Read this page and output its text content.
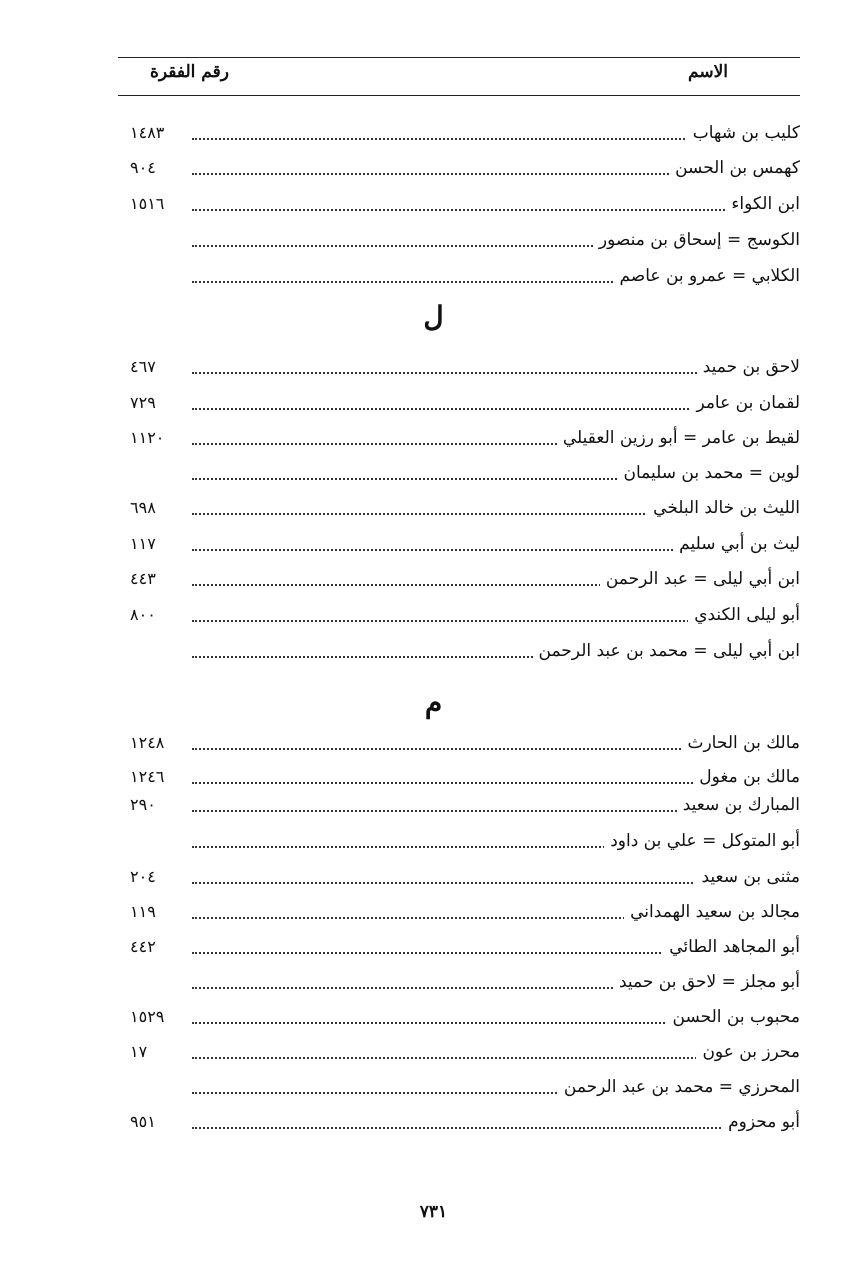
الاسم
رقم الفقرة
كليب بن شهاب
١٤٨٣
كهمس بن الحسن
٩٠٤
ابن الكواء
١٥١٦
الكوسج = إسحاق بن منصور
الكلابي = عمرو بن عاصم
ل
لاحق بن حميد
٤٦٧
لقمان بن عامر
٧٢٩
لقيط بن عامر = أبو رزين العقيلي
١١٢٠
لوين = محمد بن سليمان
الليث بن خالد البلخي
٦٩٨
ليث بن أبي سليم
١١٧
ابن أبي ليلى = عبد الرحمن
٤٤٣
أبو ليلى الكندي
٨٠٠
ابن أبي ليلى = محمد بن عبد الرحمن
م
مالك بن الحارث
١٢٤٨
مالك بن مغول
١٢٤٦
المبارك بن سعيد
٢٩٠
أبو المتوكل = علي بن داود
مثنى بن سعيد
٢٠٤
مجالد بن سعيد الهمداني
١١٩
أبو المجاهد الطائي
٤٤٢
أبو مجلز = لاحق بن حميد
محبوب بن الحسن
١٥٢٩
محرز بن عون
١٧
المحرزي = محمد بن عبد الرحمن
أبو محزوم
٩٥١
٧٣١
